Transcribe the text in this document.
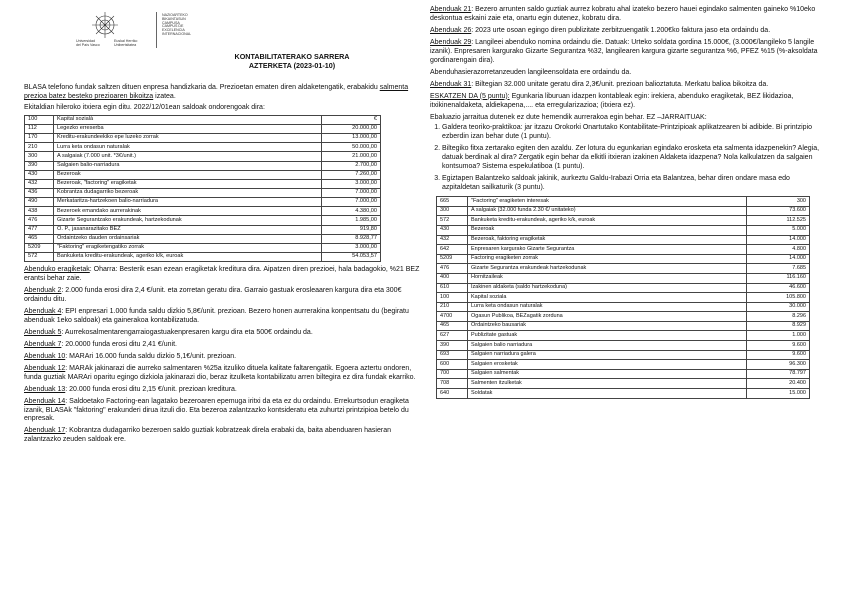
Universidad
del País Vasco
Euskal Herriko
Unibertsitatea
NAZIOARTEKO
BIKAINTASUN
CAMPUSA
CAMPUS DE
EXCELENCIA
INTERNACIONAL
KONTABILITATERAKO SARRERA
AZTERKETA (2023-01-10)

BLASA telefono fundak saltzen dituen enpresa handizkaria da. Prezioetan ematen diren aldaketengatik, erabakidu salmenta prezioa batez besteko prezioaren bikoitza izatea.

Ekitaldian hileroko itxiera egin ditu. 2022/12/01ean saldoak ondorengoak dira:

100	Kapital sozialà	€
112	Legezko erreserba	20.000,00
170	Kreditu-erakundeekiko epe luzeko zorrak	13.000,00
210	Lurra keta ondasun naturalak	50.000,00
300	A salgaiak (7.000 unit. *3€/unit.)	21.000,00
390	Salgaien balio-narriadura	2.700,00
430	Bezeroak	7.260,00
432	Bezeroak, "factoring" eragiketak	3.000,00
436	Kobrantza dudagarriko bezeroak	7.000,00
490	Merkataritza-hartzekoen balio-narriadura	7.000,00
438	Bezeroek emandako aurrerakinak	4.380,00
476	Gizarte Segurantzako erakundeak, hartzekodunak	1.985,00
477	O. P., jasanarazitako BEZ	919,80
465	Ordaintzeko dauden ordainsariak	8.928,77
5209	"Faktoring" eragiketengatiko zorrak	3.000,00
572	Bankuketa kreditu-erakundeak, ageriko k/k, euroak	54.053,57

Abenduko eragiketak: Oharra: Besterik esan ezean eragiketak kreditura dira. Aipatzen diren prezioei, hala badagokio, %21 BEZ erantsi behar zaie.

Abenduak 2: 2.000 funda erosi dira 2,4 €/unit. eta zorretan geratu dira. Garraio gastuak erosleaaren kargura dira eta 300€ ordaindu ditu.

Abenduak 4: EPI enpresari 1.000 funda saldu dizkio 5,8€/unit. prezioan. Bezero honen aurrerakina konpentsatu du (begiratu abenduak 1eko saldoak) eta gainerakoa kontabilizatuda.

Abenduak 5: Aurrekosalmentarengarraiogastuakenpresaren kargu dira eta 500€ ordaindu da.

Abenduak 7: 20.0000 funda erosi ditu 2,41 €/unit.

Abenduak 10: MARAri 16.000 funda saldu dizkio 5,1€/unit. prezioan.

Abenduak 12: MARAk jakinarazi die aurreko salmentaren %25a itzuliko dituela kalitate faltarengatik. Egoera aztertu ondoren, funda guztiak MARAri oparitu egingo dizkiola jakinarazi dio, beraz itzulketa kontabilizatu arren biltegira ez dira fundak ekarriko.

Abenduak 13: 20.000 funda erosi ditu 2,15 €/unit. prezioan kreditura.

Abenduak 14: Saldoetako Factoring-ean lagatako bezeroaren epemuga iritxi da eta ez du ordaindu. Errekurtsodun eragiketa izanik, BLASAk "faktoring" erakunderi dirua itzuli dio. Eta bezeroa zalantzazko kontsideratu eta zuhurtzi printzipioa betelo du enpresak.

Abenduak 17: Kobrantza dudagarriko bezeroen saldo guztiak kobratzeak direla erabaki da, baita abenduaren hasieran zalantzazko zeuden saldoak ere.

Abenduak 21: Bezero arrunten saldo guztiak aurrez kobratu ahal izateko bezero hauei egindako salmenten gaineko %10eko deskontua eskaini zaie eta, onartu egin dutenez, kobratu dira.

Abenduak 26: 2023 urte osoan egingo diren publizitate zerbitzuengatik 1.200€ko faktura jaso eta ordaindu da.

Abenduak 29: Langileei abenduko nomina ordaindu die. Datuak: Urteko soldata gordina 15.000€, (3.000€/langileko 5 langile izanik). Enpresaren kargurako Gizarte Segurantza %32, langilearen kargura gizarte segurantza %6, PFEZ %15 (%-aksoldata gordinarengain dira).

Abenduhasierazorretanzeuden langileensoldata ere ordaindu da.

Abenduak 31: Biltegian 32.000 unitate geratu dira 2,3€/unit. prezioan balioztatuta. Merkatu balioa bikoitza da.

ESKATZEN DA (5 puntu): Egunkaria liburuan idazpen kontableak egin: irekiera, abenduko eragiketak, BEZ likidazioa, itxikinenaldaketa, aldiekapena,.... eta erregularizazioa; (itxiera ez).

Ebaluazio jarraitua dutenek ez dute hemendik aurrerakoa egin behar. EZ –JARRAITUAK:

1. Galdera teoriko-praktikoa: jar itzazu Orokorki Onartutako Kontabilitate-Printzipioak aplikatzearen bi adibide. Bi printzipio ezberdin izan behar dute (1 puntu).
2. Biltegiko fitxa zertarako egiten den azaldu. Zer lotura du egunkarian egindako erosketa eta salmenta idazpenekin? Alegia, datuak berdinak al dira? Zergatik egin behar da elkitli itxieran izakinen Aldaketa idazpena? Nola kalkulatzen da salgaien kontsumoa? Sistema espekulatiboa (1 puntu).
3. Egiztapen Balantzeko saldoak jakinik, aurkeztu Galdu-Irabazi Orria eta Balantzea, behar diren ondare masa edo azpitaldetan sailkaturik (3 puntu).
665	"Factoring" eragiketen interesak	300
300	A salgaiak (32.000 funda 2.30 €/ unitateko)	73.600
572	Bankuketa kreditu-erakundeak, ageriko k/k, euroak	112.525
430	Bezeroak	5.000
432	Bezeroak, faktoring eragiketak	14.000
642	Enpresaren kargurako Gizarte Segurantza	4.800
5209	Factoring eragiketen zorrak	14.000
476	Gizarte Segurantza erakundeak hartzekodunak	7.685
400	Hornitzaileak	116.160
610	Izakinen aldaketa (saldo hartzekoduna)	46.600
100	Kapital soziala	105.800
210	Lurra keta ondasun naturalak	30.000
4700	Ogasun Publikoa, BEZagatik zorduna	8.296
465	Ordaintzeko bausariak	8.929
627	Publizitate gastuak	1.000
390	Salgaien balio narriadura	9.600
693	Salgaien narriadura galera	9.600
600	Salgaien erosketak	96.300
700	Salgaien salmentak	78.797
708	Salmenten itzulketak	20.400
640	Soldatak	15.000
